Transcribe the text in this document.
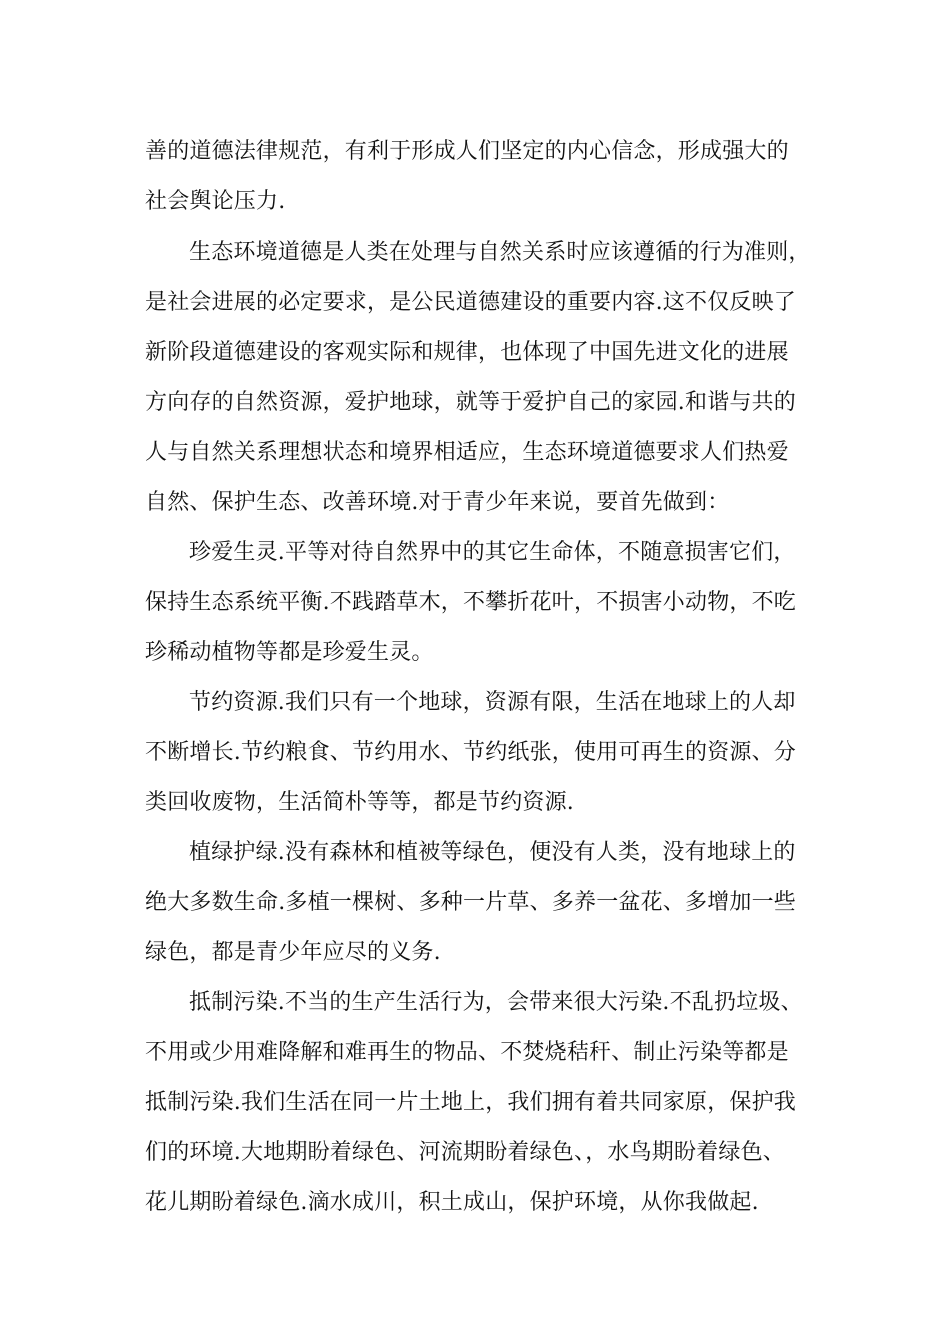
善的道德法律规范，有利于形成人们坚定的内心信念，形成强大的
社会舆论压力.
生态环境道德是人类在处理与自然关系时应该遵循的行为准则，
是社会进展的必定要求，是公民道德建设的重要内容.这不仅反映了
新阶段道德建设的客观实际和规律，也体现了中国先进文化的进展
方向存的自然资源，爱护地球，就等于爱护自己的家园.和谐与共的
人与自然关系理想状态和境界相适应，生态环境道德要求人们热爱
自然、保护生态、改善环境.对于青少年来说，要首先做到：
珍爱生灵.平等对待自然界中的其它生命体，不随意损害它们，
保持生态系统平衡.不践踏草木，不攀折花叶，不损害小动物，不吃
珍稀动植物等都是珍爱生灵。
节约资源.我们只有一个地球，资源有限，生活在地球上的人却
不断增长.节约粮食、节约用水、节约纸张，使用可再生的资源、分
类回收废物，生活简朴等等，都是节约资源.
植绿护绿.没有森林和植被等绿色，便没有人类，没有地球上的
绝大多数生命.多植一棵树、多种一片草、多养一盆花、多增加一些
绿色，都是青少年应尽的义务.
抵制污染.不当的生产生活行为，会带来很大污染.不乱扔垃圾、
不用或少用难降解和难再生的物品、不焚烧秸秆、制止污染等都是
抵制污染.我们生活在同一片土地上，我们拥有着共同家原，保护我
们的环境.大地期盼着绿色、河流期盼着绿色、，水鸟期盼着绿色、
花儿期盼着绿色.滴水成川，积土成山，保护环境，从你我做起.
